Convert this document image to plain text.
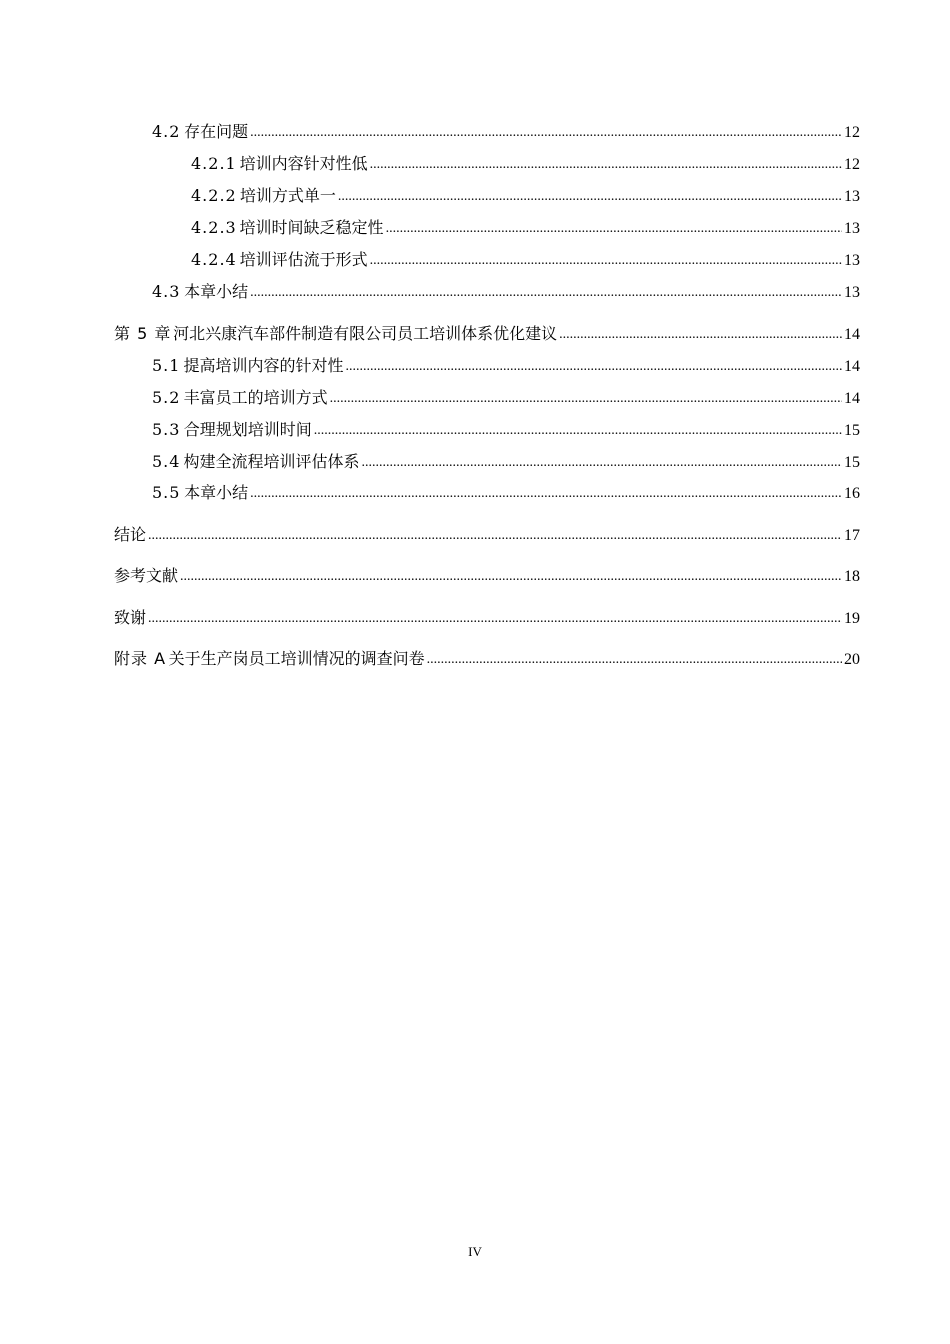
4.2 存在问题 .....	12
4.2.1 培训内容针对性低 .....	12
4.2.2 培训方式单一 .....	13
4.2.3 培训时间缺乏稳定性 .....	13
4.2.4 培训评估流于形式 .....	13
4.3 本章小结 .....	13
第 5 章 河北兴康汽车部件制造有限公司员工培训体系优化建议 .....	14
5.1 提高培训内容的针对性 .....	14
5.2 丰富员工的培训方式 .....	14
5.3 合理规划培训时间 .....	15
5.4 构建全流程培训评估体系 .....	15
5.5 本章小结 .....	16
结论 .....	17
参考文献 .....	18
致谢 .....	19
附录 A 关于生产岗员工培训情况的调查问卷 .....	20
IV
